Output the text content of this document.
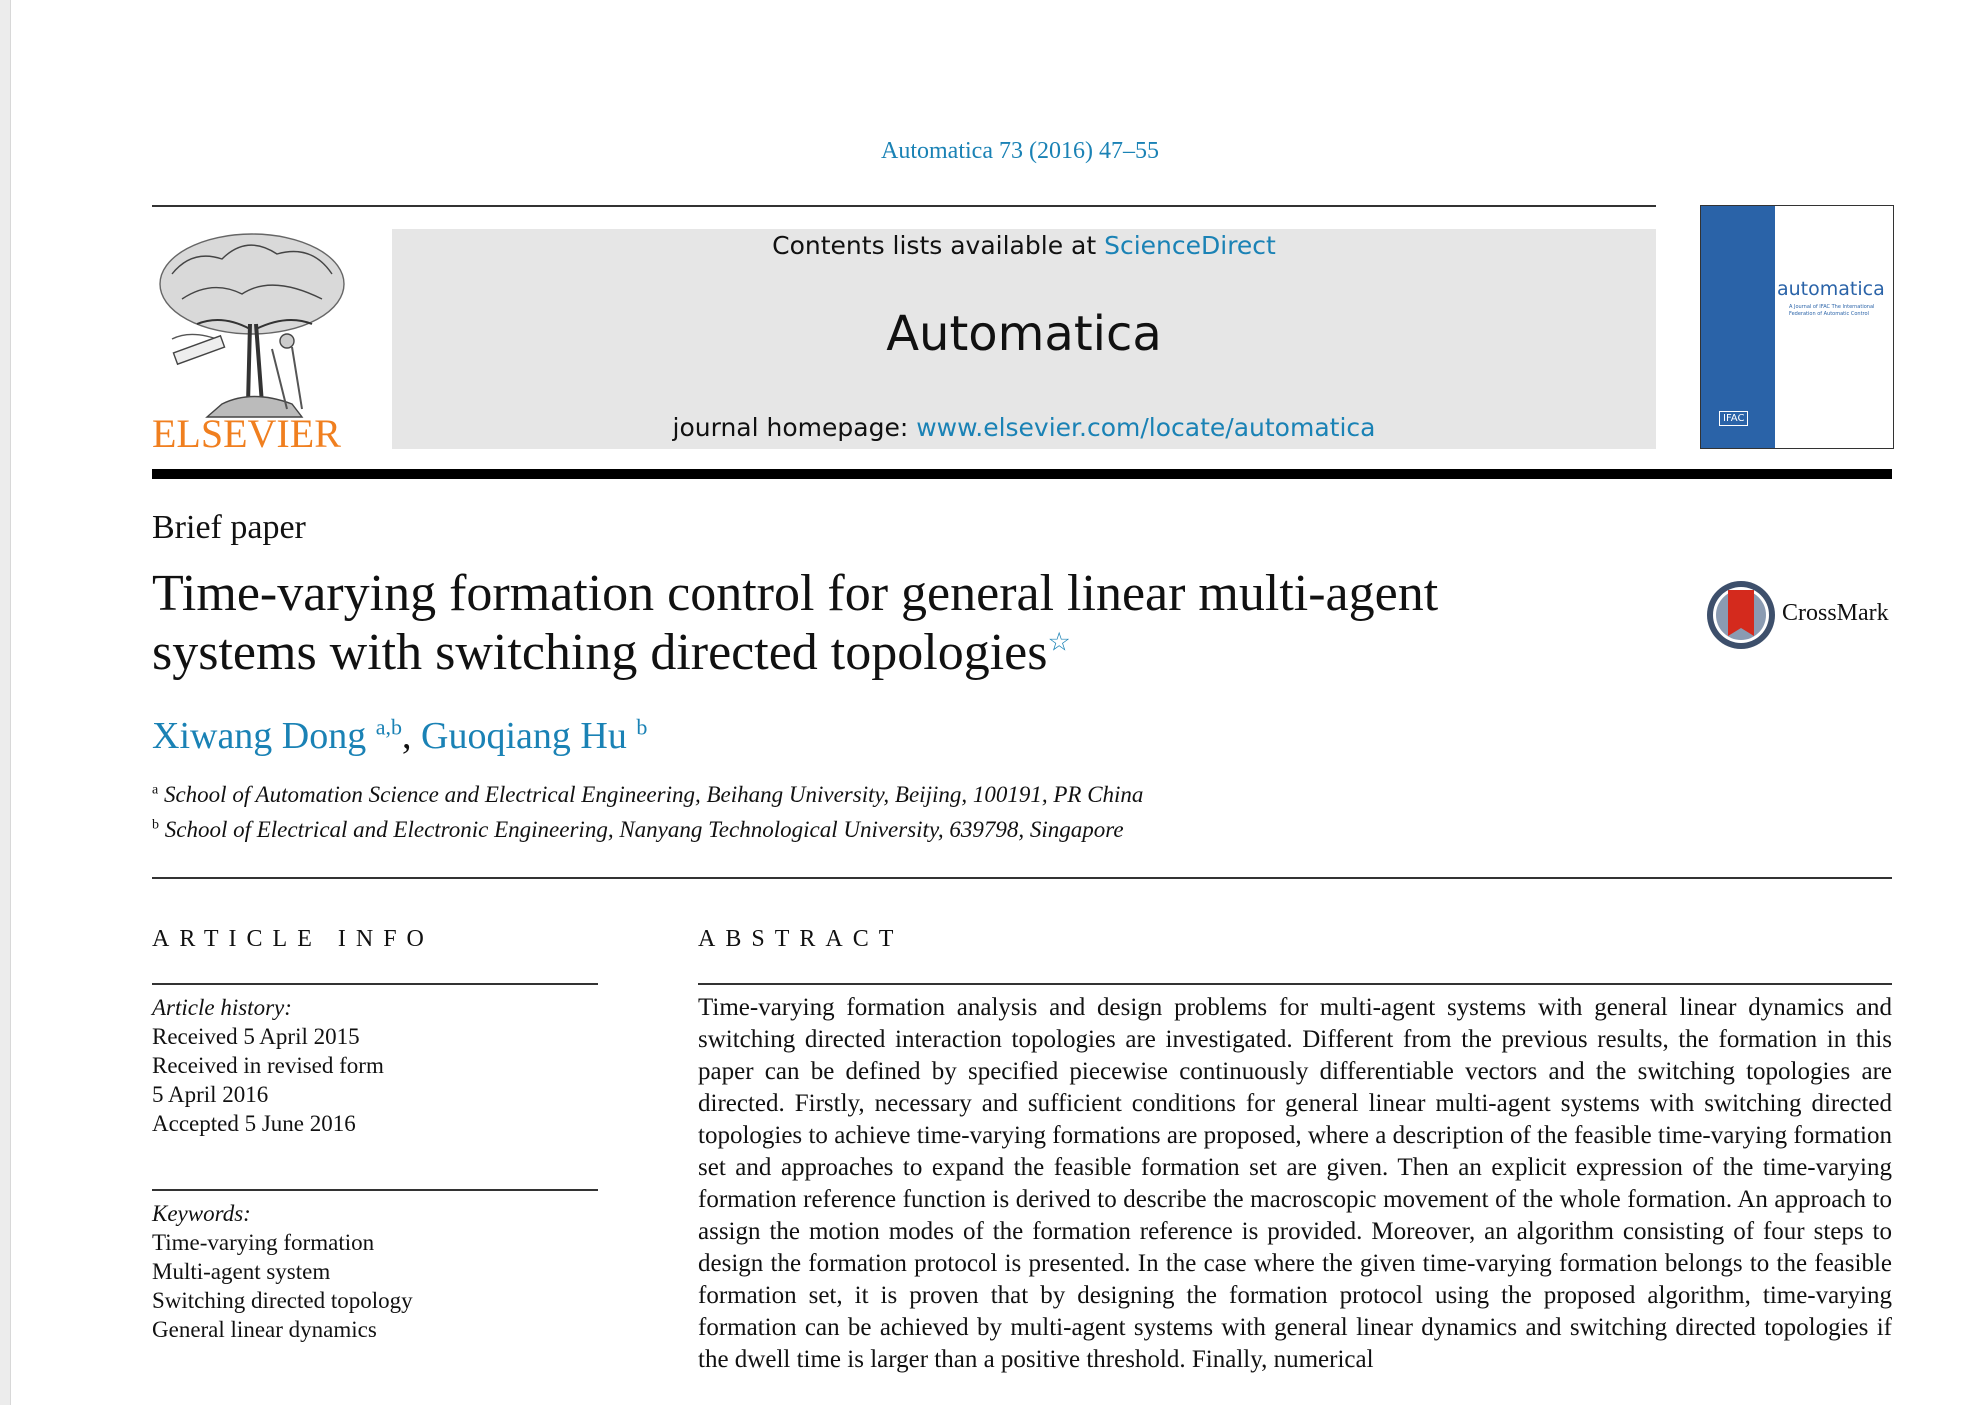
Automatica 73 (2016) 47–55
ELSEVIER
Contents lists available at ScienceDirect
Automatica
journal homepage: www.elsevier.com/locate/automatica
automatica
A Journal of IFAC The International Federation of Automatic Control
IFAC
Brief paper
Time-varying formation control for general linear multi-agent
systems with switching directed topologies☆
CrossMark
Xiwang Dong $^{a,b}$, Guoqiang Hu $^b$
$^a$ School of Automation Science and Electrical Engineering, Beihang University, Beijing, 100191, PR China
$^b$ School of Electrical and Electronic Engineering, Nanyang Technological University, 639798, Singapore
ARTICLE INFO	ABSTRACT
Article history:
Received 5 April 2015
Received in revised form
5 April 2016
Accepted 5 June 2016
Keywords:
Time-varying formation
Multi-agent system
Switching directed topology
General linear dynamics
Time-varying formation analysis and design problems for multi-agent systems with general linear dynamics and switching directed interaction topologies are investigated. Different from the previous results, the formation in this paper can be defined by specified piecewise continuously differentiable vectors and the switching topologies are directed. Firstly, necessary and sufficient conditions for general linear multi-agent systems with switching directed topologies to achieve time-varying formations are proposed, where a description of the feasible time-varying formation set and approaches to expand the feasible formation set are given. Then an explicit expression of the time-varying formation reference function is derived to describe the macroscopic movement of the whole formation. An approach to assign the motion modes of the formation reference is provided. Moreover, an algorithm consisting of four steps to design the formation protocol is presented. In the case where the given time-varying formation belongs to the feasible formation set, it is proven that by designing the formation protocol using the proposed algorithm, time-varying formation can be achieved by multi-agent systems with general linear dynamics and switching directed topologies if the dwell time is larger than a positive threshold. Finally, numerical
